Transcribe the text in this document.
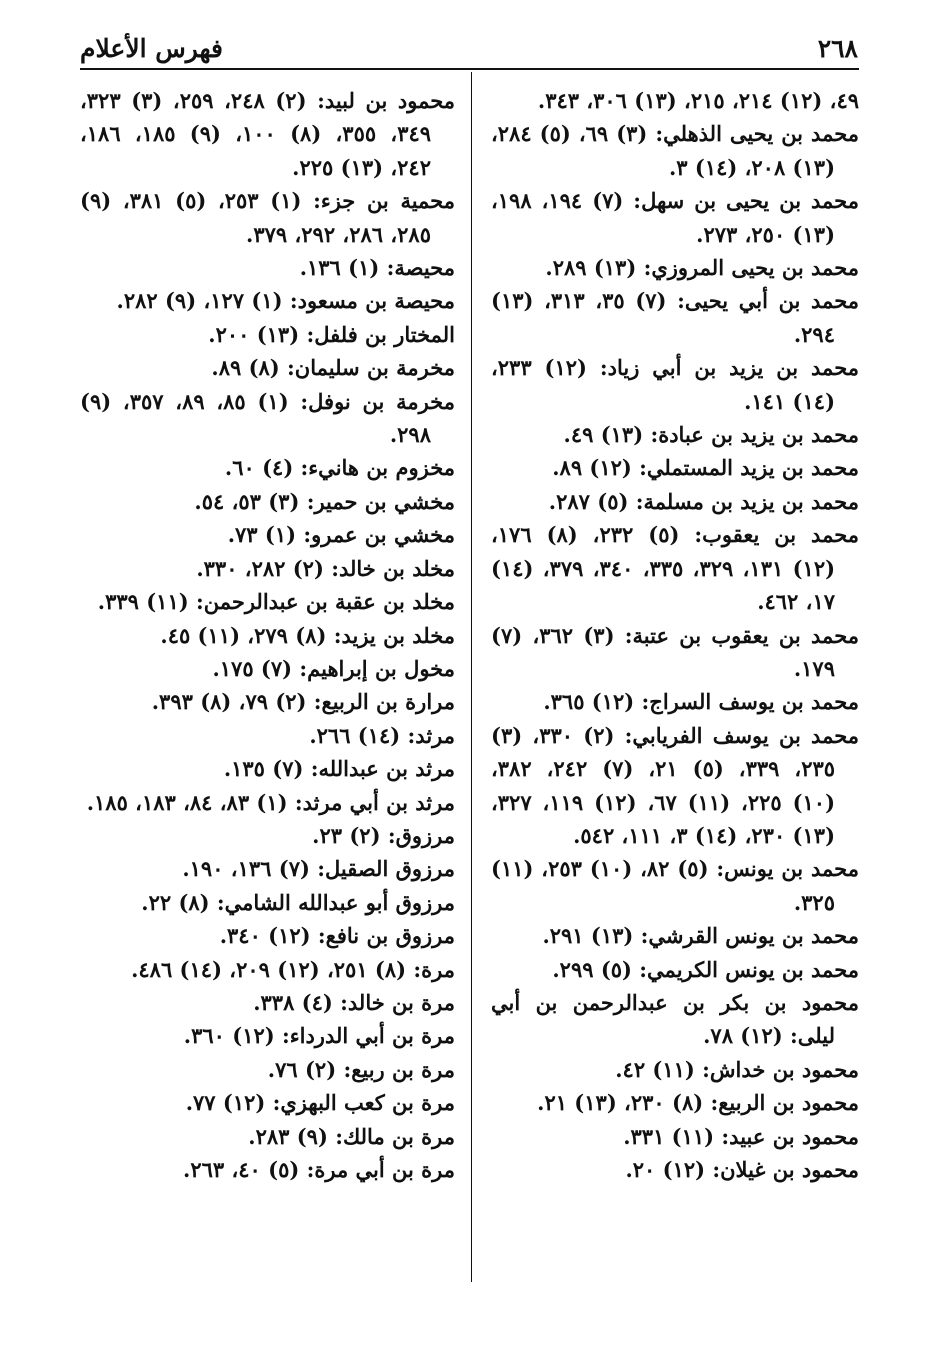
٢٦٨
فهرس الأعلام

٤٩، (١٢) ٢١٤، ٢١٥، (١٣) ٣٠٦، ٣٤٣.

محمد بن يحيى الذهلي: (٣) ٦٩، (٥) ٢٨٤، (١٣) ٢٠٨، (١٤) ٣.

محمد بن يحيى بن سهل: (٧) ١٩٤، ١٩٨، (١٣) ٢٥٠، ٢٧٣.

محمد بن يحيى المروزي: (١٣) ٢٨٩.

محمد بن أبي يحيى: (٧) ٣٥، ٣١٣، (١٣) ٢٩٤.

محمد بن يزيد بن أبي زياد: (١٢) ٢٣٣، (١٤) ١٤١.

محمد بن يزيد بن عبادة: (١٣) ٤٩.

محمد بن يزيد المستملي: (١٢) ٨٩.

محمد بن يزيد بن مسلمة: (٥) ٢٨٧.

محمد بن يعقوب: (٥) ٢٣٢، (٨) ١٧٦، (١٢) ١٣١، ٣٢٩، ٣٣٥، ٣٤٠، ٣٧٩، (١٤) ١٧، ٤٦٢.

محمد بن يعقوب بن عتبة: (٣) ٣٦٢، (٧) ١٧٩.

محمد بن يوسف السراج: (١٢) ٣٦٥.

محمد بن يوسف الفريابي: (٢) ٣٣٠، (٣) ٢٣٥، ٣٣٩، (٥) ٢١، (٧) ٢٤٢، ٣٨٢، (١٠) ٢٢٥، (١١) ٦٧، (١٢) ١١٩، ٣٢٧، (١٣) ٢٣٠، (١٤) ٣، ١١١، ٥٤٢.

محمد بن يونس: (٥) ٨٢، (١٠) ٢٥٣، (١١) ٣٢٥.

محمد بن يونس القرشي: (١٣) ٢٩١.

محمد بن يونس الكريمي: (٥) ٢٩٩.

محمود بن بكر بن عبدالرحمن بن أبي ليلى: (١٢) ٧٨.

محمود بن خداش: (١١) ٤٢.

محمود بن الربيع: (٨) ٢٣٠، (١٣) ٢١.

محمود بن عبيد: (١١) ٣٣١.

محمود بن غيلان: (١٢) ٢٠.

محمود بن لبيد: (٢) ٢٤٨، ٢٥٩، (٣) ٣٢٣، ٣٤٩، ٣٥٥، (٨) ١٠٠، (٩) ١٨٥، ١٨٦، ٢٤٢، (١٣) ٢٢٥.

محمية بن جزء: (١) ٢٥٣، (٥) ٣٨١، (٩) ٢٨٥، ٢٨٦، ٢٩٢، ٣٧٩.

محيصة: (١) ١٣٦.

محيصة بن مسعود: (١) ١٢٧، (٩) ٢٨٢.

المختار بن فلفل: (١٣) ٢٠٠.

مخرمة بن سليمان: (٨) ٨٩.

مخرمة بن نوفل: (١) ٨٥، ٨٩، ٣٥٧، (٩) ٢٩٨.

مخزوم بن هانيء: (٤) ٦٠.

مخشي بن حمير: (٣) ٥٣، ٥٤.

مخشي بن عمرو: (١) ٧٣.

مخلد بن خالد: (٢) ٢٨٢، ٣٣٠.

مخلد بن عقبة بن عبدالرحمن: (١١) ٣٣٩.

مخلد بن يزيد: (٨) ٢٧٩، (١١) ٤٥.

مخول بن إبراهيم: (٧) ١٧٥.

مرارة بن الربيع: (٢) ٧٩، (٨) ٣٩٣.

مرثد: (١٤) ٢٦٦.

مرثد بن عبدالله: (٧) ١٣٥.

مرثد بن أبي مرثد: (١) ٨٣، ٨٤، ١٨٣، ١٨٥.

مرزوق: (٢) ٢٣.

مرزوق الصقيل: (٧) ١٣٦، ١٩٠.

مرزوق أبو عبدالله الشامي: (٨) ٢٢.

مرزوق بن نافع: (١٢) ٣٤٠.

مرة: (٨) ٢٥١، (١٢) ٢٠٩، (١٤) ٤٨٦.

مرة بن خالد: (٤) ٣٣٨.

مرة بن أبي الدرداء: (١٢) ٣٦٠.

مرة بن ربيع: (٢) ٧٦.

مرة بن كعب البهزي: (١٢) ٧٧.

مرة بن مالك: (٩) ٢٨٣.

مرة بن أبي مرة: (٥) ٤٠، ٢٦٣.
